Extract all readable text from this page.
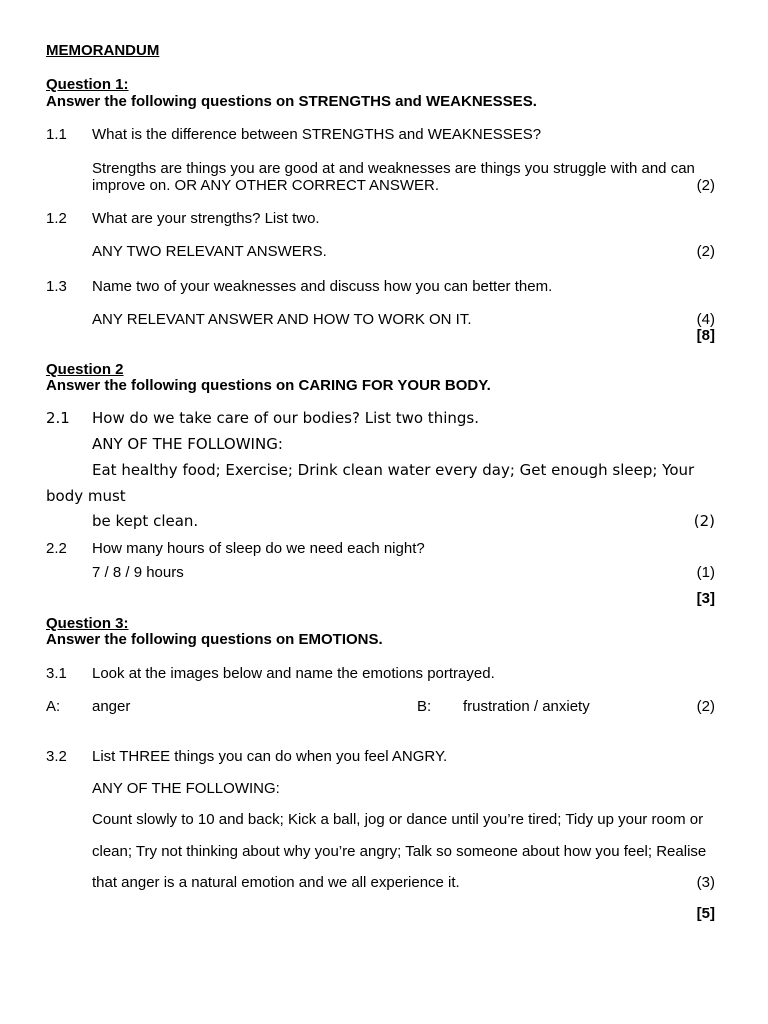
MEMORANDUM
Question 1:
Answer the following questions on STRENGTHS and WEAKNESSES.
1.1 What is the difference between STRENGTHS and WEAKNESSES?
Strengths are things you are good at and weaknesses are things you struggle with and can
improve on. OR ANY OTHER CORRECT ANSWER.	(2)
1.2 What are your strengths? List two.
ANY TWO RELEVANT ANSWERS.	(2)
1.3 Name two of your weaknesses and discuss how you can better them.
ANY RELEVANT ANSWER AND HOW TO WORK ON IT.	(4)
[8]
Question 2
Answer the following questions on CARING FOR YOUR BODY.
2.1 How do we take care of our bodies? List two things.
ANY OF THE FOLLOWING:
Eat healthy food; Exercise; Drink clean water every day; Get enough sleep; Your
body must
be kept clean.	(2)
2.2 How many hours of sleep do we need each night?
7 / 8 / 9 hours	(1)
[3]
Question 3:
Answer the following questions on EMOTIONS.
3.1 Look at the images below and name the emotions portrayed.
A: anger	B: frustration / anxiety	(2)
3.2 List THREE things you can do when you feel ANGRY.
ANY OF THE FOLLOWING:
Count slowly to 10 and back; Kick a ball, jog or dance until you’re tired; Tidy up your room or
clean; Try not thinking about why you’re angry; Talk so someone about how you feel; Realise
that anger is a natural emotion and we all experience it.	(3)
[5]
